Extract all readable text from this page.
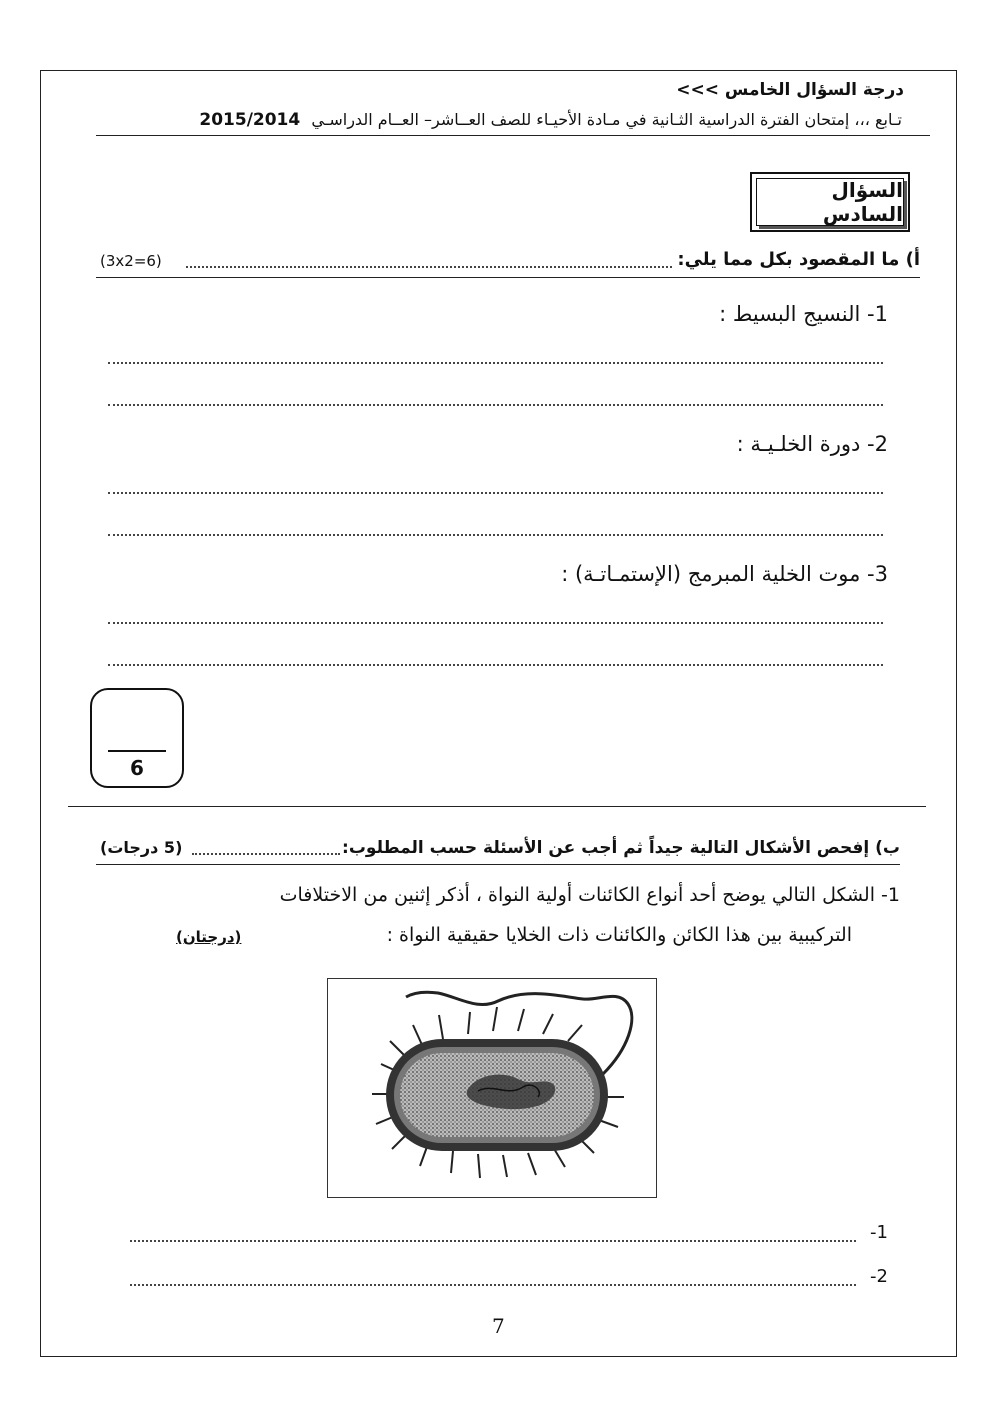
درجة السؤال الخامس >>>
تـابع ،،، إمتحان الفترة الدراسية الثـانية في مـادة الأحيـاء للصف العــاشر– العــام الدراسـي 2015/2014
السؤال السادس
أ) ما المقصود بكل مما يلي:
(3x2=6)
1- النسيج البسيط :
2- دورة الخلـيـة :
3- موت الخلية المبرمج (الإستمـاتـة) :
6
ب) إفحص الأشكال التالية جيداً ثم أجب عن الأسئلة حسب المطلوب:
(5 درجات)
1- الشكل التالي يوضح أحد أنواع الكائنات أولية النواة ، أذكر إثنين من الاختلافات
التركيبية بين هذا الكائن والكائنات ذات الخلايا حقيقية النواة :
(درجتان)
1-
2-
7
